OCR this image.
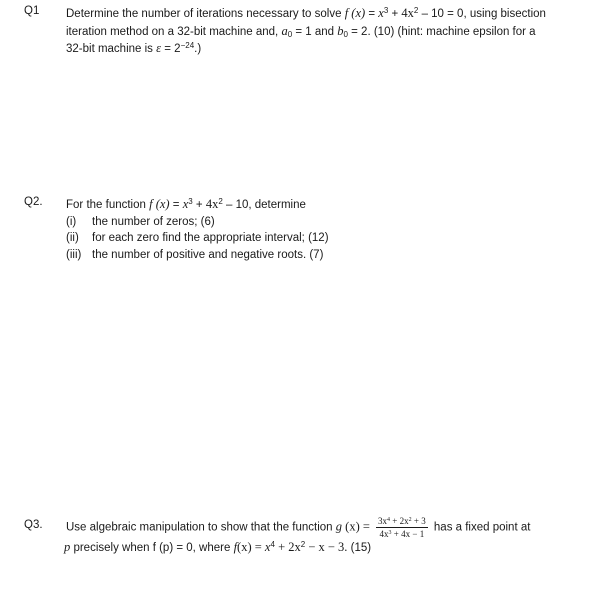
Q1 Determine the number of iterations necessary to solve f $(x) = x^3 + 4x^2 - 10 = 0$, using bisection
iteration method on a 32-bit machine and, $a_0 = 1$ and $b_0 = 2$. (10) (hint: machine epsilon for a
32-bit machine is $\varepsilon = 2^{-24}$.)
Q2. For the function f $(x) = x^3 + 4x^2 - 10$, determine
(i)	the number of zeros; (6)
(ii)	for each zero find the appropriate interval; (12)
(iii) the number of positive and negative roots. (7)
Q3. Use algebraic manipulation to show that the function g $(x) = \frac{3x^4 + 2x^2 + 3}{4x^3 + 4x - 1}$ has a fixed point at
p precisely when f (p) = 0, where $f(x) = x^4 + 2x^2 - x - 3$. (15)
